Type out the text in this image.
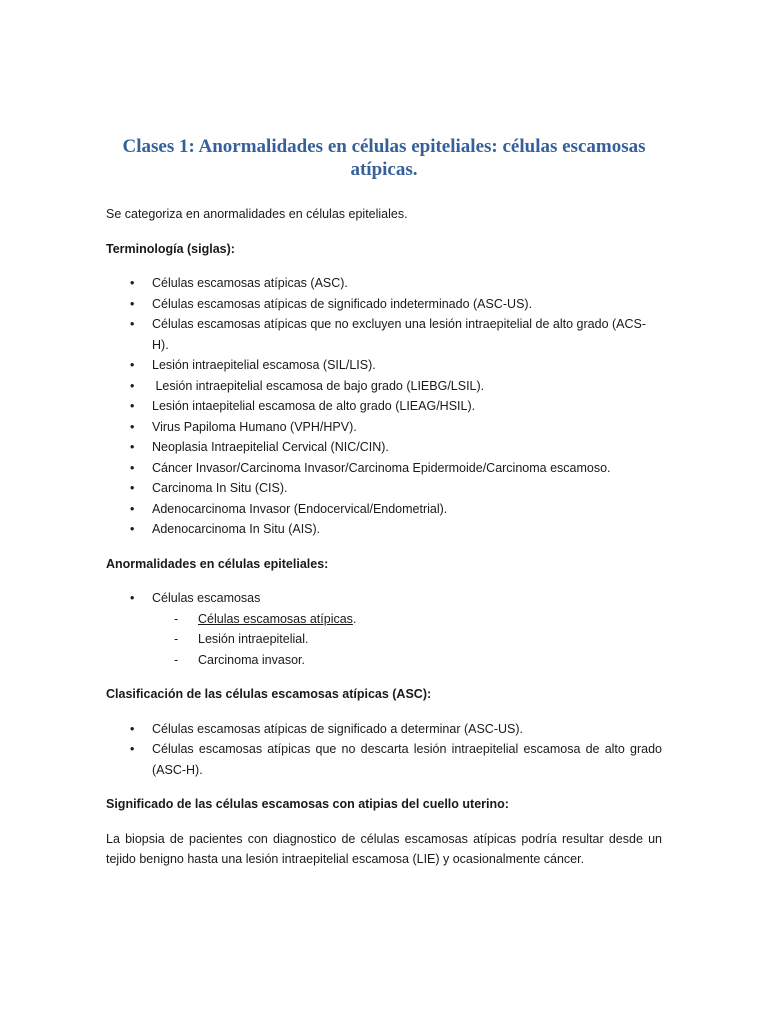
Clases 1: Anormalidades en células epiteliales: células escamosas atípicas.

Se categoriza en anormalidades en células epiteliales.

Terminología (siglas):

• Células escamosas atípicas (ASC).
• Células escamosas atípicas de significado indeterminado (ASC-US).
• Células escamosas atípicas que no excluyen una lesión intraepitelial de alto grado (ACS-H).
• Lesión intraepitelial escamosa (SIL/LIS).
• Lesión intraepitelial escamosa de bajo grado (LIEBG/LSIL).
• Lesión intaepitelial escamosa de alto grado (LIEAG/HSIL).
• Virus Papiloma Humano (VPH/HPV).
• Neoplasia Intraepitelial Cervical (NIC/CIN).
• Cáncer Invasor/Carcinoma Invasor/Carcinoma Epidermoide/Carcinoma escamoso.
• Carcinoma In Situ (CIS).
• Adenocarcinoma Invasor (Endocervical/Endometrial).
• Adenocarcinoma In Situ (AIS).

Anormalidades en células epiteliales:

• Células escamosas
- Células escamosas atípicas.
- Lesión intraepitelial.
- Carcinoma invasor.

Clasificación de las células escamosas atípicas (ASC):

• Células escamosas atípicas de significado a determinar (ASC-US).
• Células escamosas atípicas que no descarta lesión intraepitelial escamosa de alto grado (ASC-H).

Significado de las células escamosas con atipias del cuello uterino:

La biopsia de pacientes con diagnostico de células escamosas atípicas podría resultar desde un tejido benigno hasta una lesión intraepitelial escamosa (LIE) y ocasionalmente cáncer.
